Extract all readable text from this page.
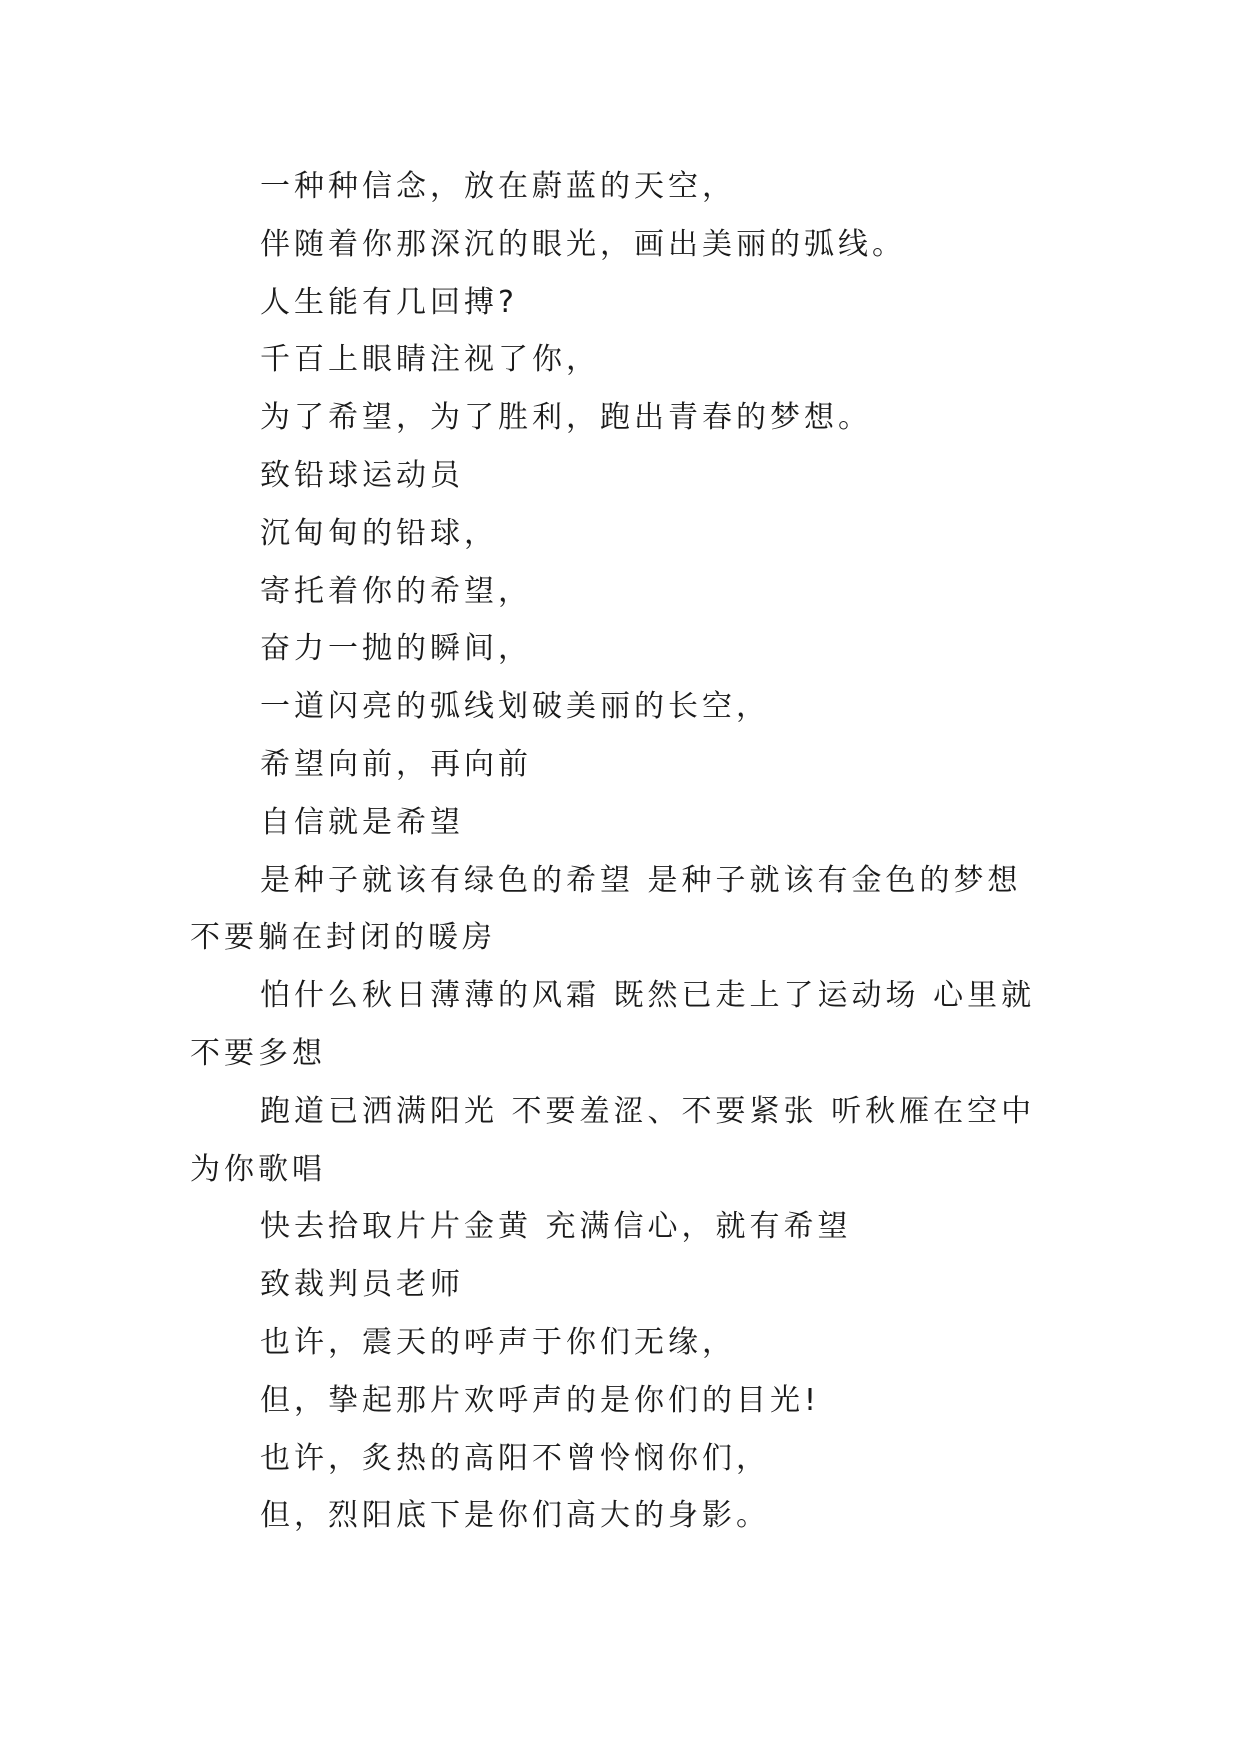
一种种信念，放在蔚蓝的天空，

伴随着你那深沉的眼光，画出美丽的弧线。

人生能有几回搏?

千百上眼睛注视了你，

为了希望，为了胜利，跑出青春的梦想。

致铅球运动员

沉甸甸的铅球，

寄托着你的希望，

奋力一抛的瞬间，

一道闪亮的弧线划破美丽的长空，

希望向前，再向前

自信就是希望

是种子就该有绿色的希望 是种子就该有金色的梦想 不要躺在封闭的暖房

怕什么秋日薄薄的风霜 既然已走上了运动场 心里就不要多想

跑道已洒满阳光 不要羞涩、不要紧张 听秋雁在空中为你歌唱

快去拾取片片金黄 充满信心，就有希望

致裁判员老师

也许，震天的呼声于你们无缘，

但，挚起那片欢呼声的是你们的目光!

也许，炙热的高阳不曾怜悯你们，

但，烈阳底下是你们高大的身影。
